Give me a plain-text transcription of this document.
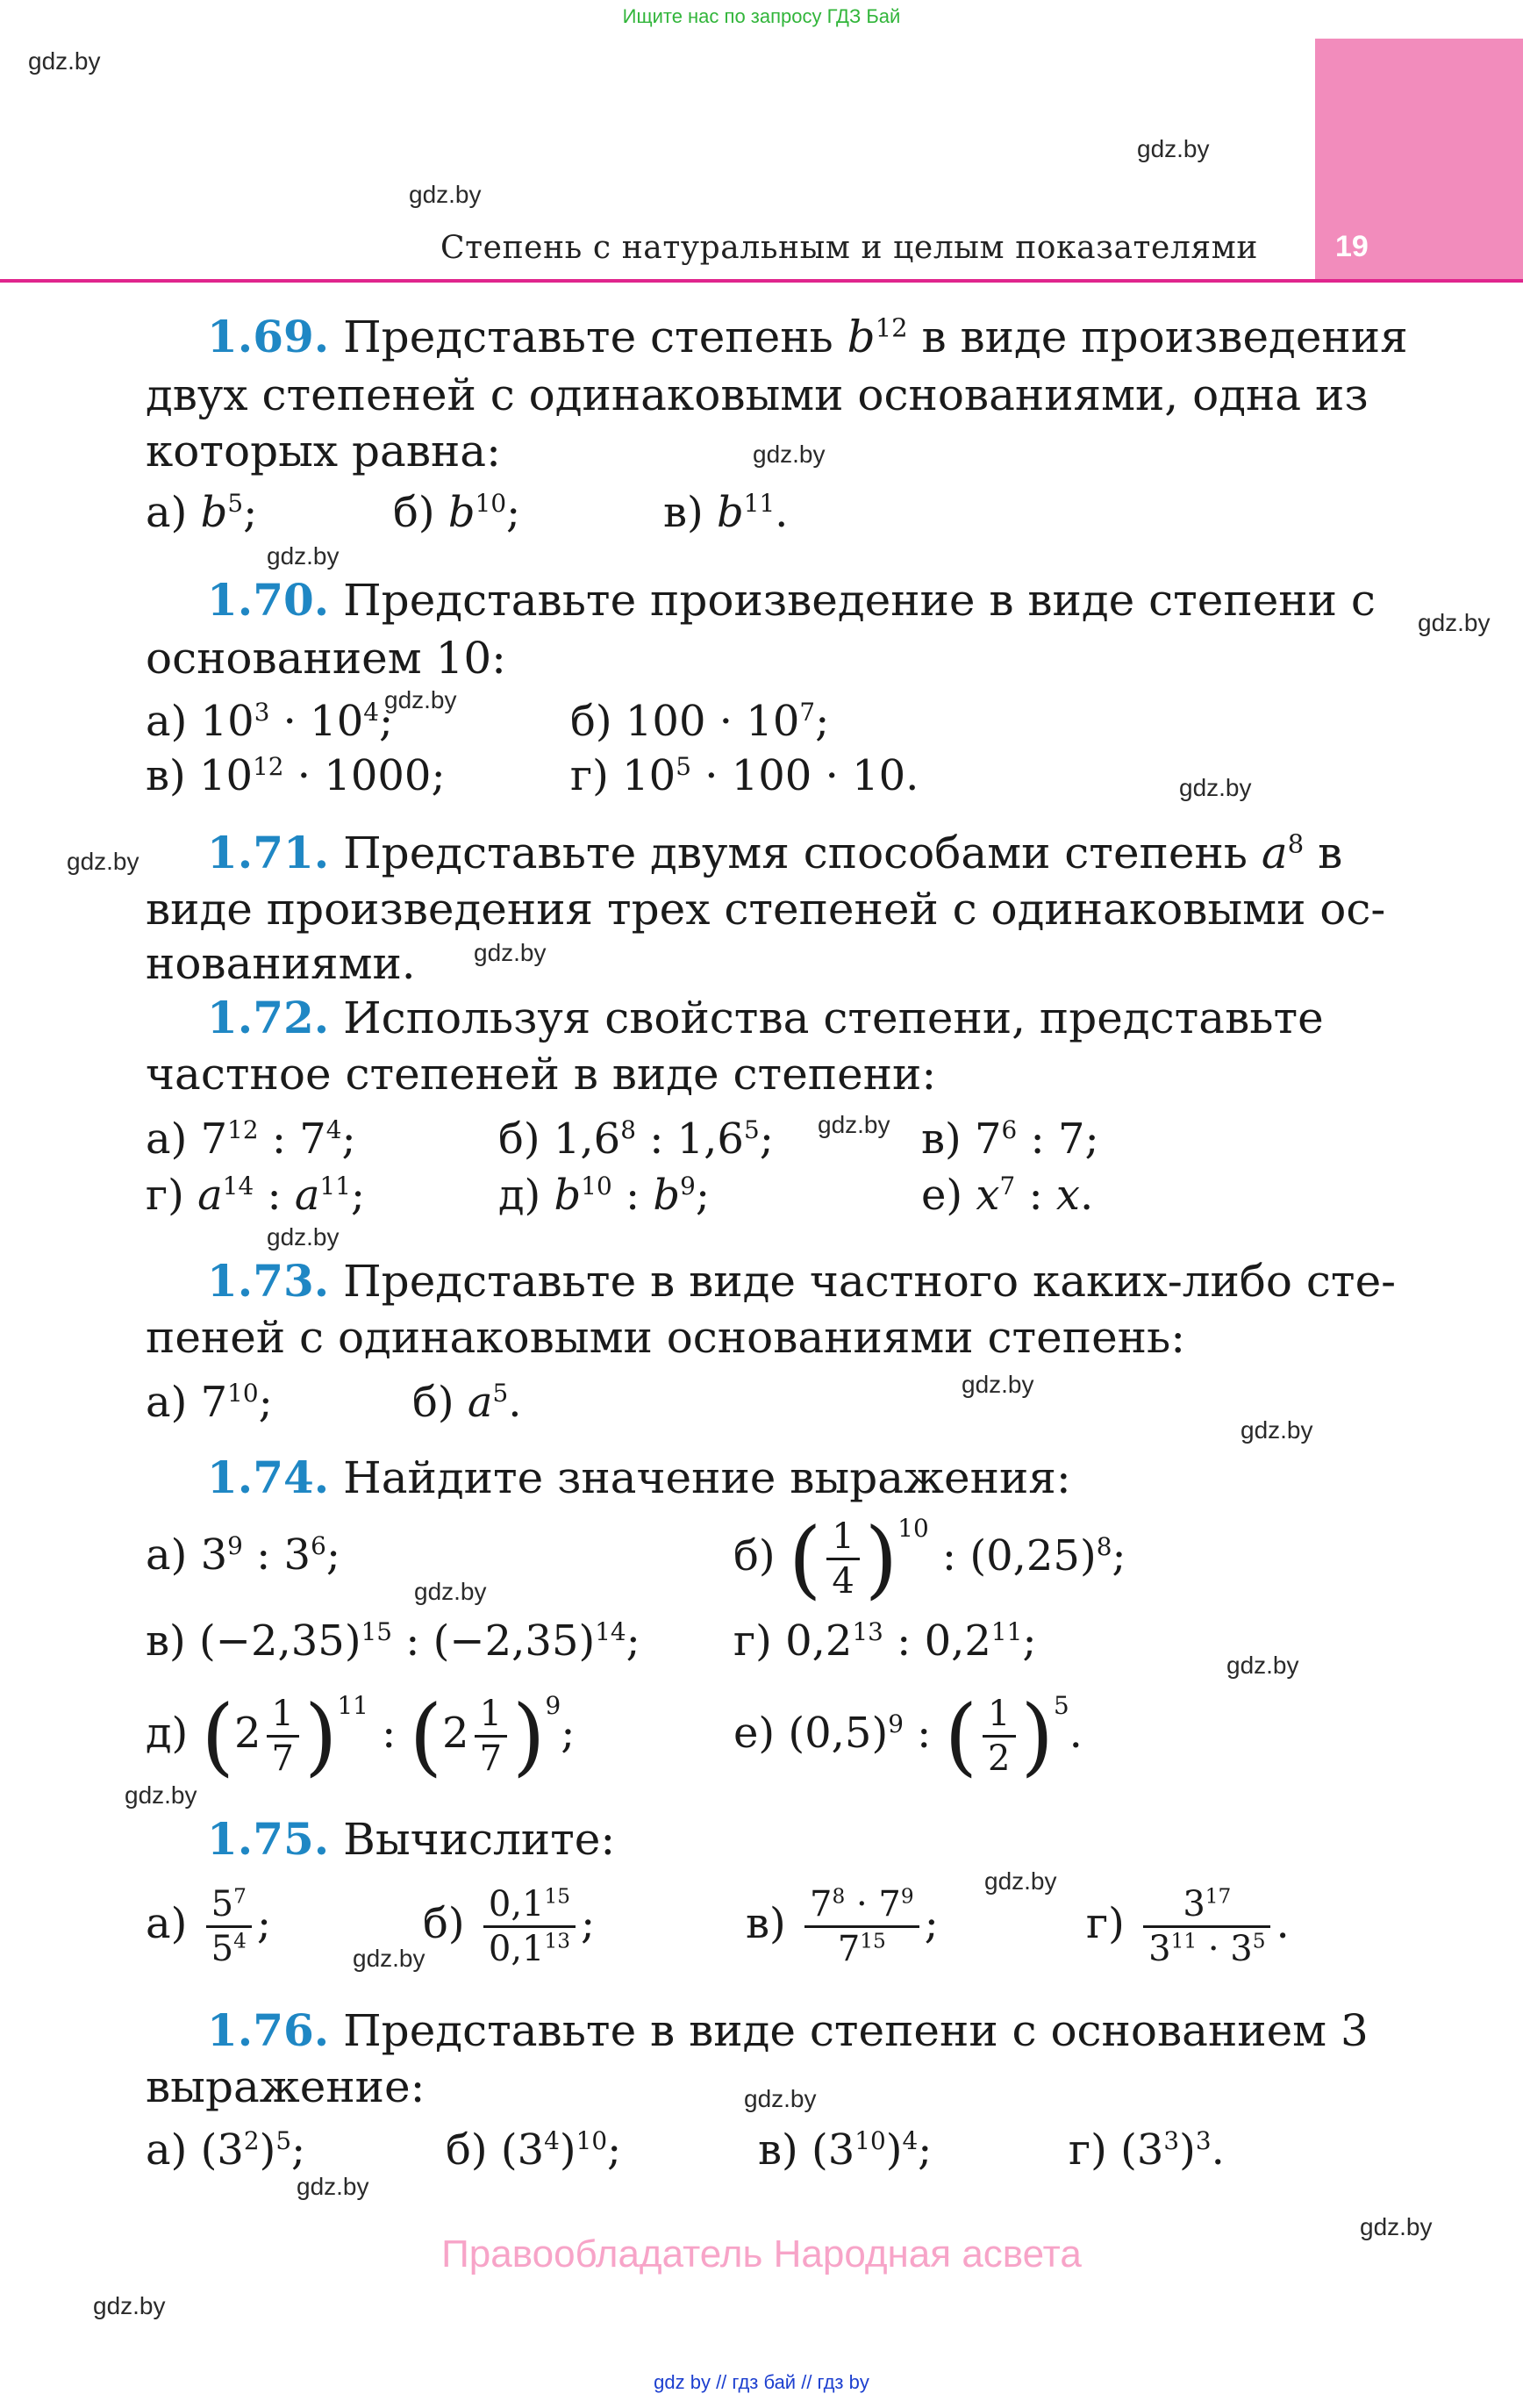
Ищите нас по запросу ГДЗ Бай
gdz.by
gdz.by
gdz.by
gdz.by
gdz.by
gdz.by
gdz.by
gdz.by
gdz.by
gdz.by
gdz.by
gdz.by
gdz.by
gdz.by
gdz.by
gdz.by
gdz.by
gdz.by
gdz.by
gdz.by
gdz.by
gdz.by
gdz.by
19
Степень с натуральным и целым показателями
1.69. Представьте степень $b^{12}$ в виде произведения
двух степеней с одинаковыми основаниями, одна из
которых равна:
а) $b^5$;	б) $b^{10}$;	в) $b^{11}$.
1.70. Представьте произведение в виде степени с
основанием 10:
а) $10^3 \cdot 10^4$;	б) $100 \cdot 10^7$;
в) $10^{12} \cdot 1000$;	г) $10^5 \cdot 100 \cdot 10$.
1.71. Представьте двумя способами степень $a^8$ в
виде произведения трех степеней с одинаковыми ос-
нованиями.
1.72. Используя свойства степени, представьте
частное степеней в виде степени:
а) $7^{12}$ : $7^4$;	б) $1,6^8$ : $1,6^5$;	в) $7^6$ : 7;
г) $a^{14}$ : $a^{11}$;	д) $b^{10}$ : $b^9$;	е) $x^7$ : x.
1.73. Представьте в виде частного каких-либо сте-
пеней с одинаковыми основаниями степень:
а) $7^{10}$;	б) $a^5$.
1.74. Найдите значение выражения:
а) $3^9$ : $3^6$;	б) ( $\frac{1}{4} )^{10}$ : $(0,25)^8$;
в) $(-2,35)^{15}$ : $(-2,35)^{14}$; г) $0,2^{13}$ : $0,2^{11}$;
д) $(2 \frac{1}{7} )^{11}$ : $(2 \frac{1}{7} )^9$;	е) $(0,5)^9$ : ( $\frac{1}{2} )^5$.
1.75. Вычислите:
$а) \frac{5^7}{5^4}$ ;	$б) \frac{0,1^{15}}{0,1^{13}}$ ;	$в) \frac{7^8 \cdot 7^9}{7^{15}}$ ;	$г) \frac{3^{17}}{3^{11} \cdot 3^5}$ .
1.76. Представьте в виде степени с основанием 3
выражение:
а) $(3^2)^5$;	б) $(3^4)^{10}$;	в) $(3^{10})^4$;	г) $(3^3)^3$.
Правообладатель Народная асвета
gdz by // гдз бай // гдз by
